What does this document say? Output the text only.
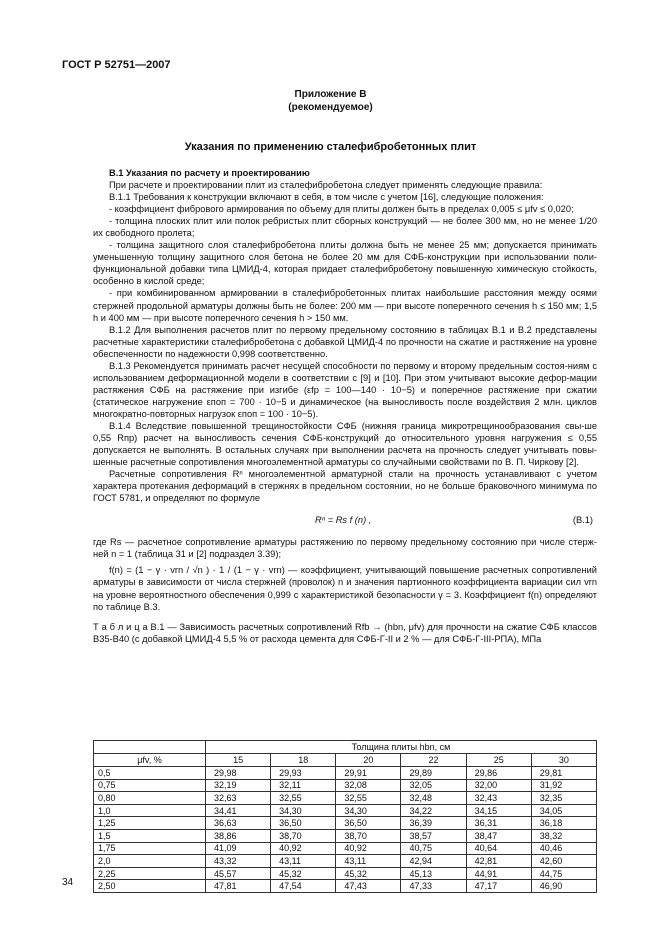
ГОСТ Р 52751—2007
Приложение В
(рекомендуемое)
Указания по применению сталефибробетонных плит

В.1 Указания по расчету и проектированию

При расчете и проектировании плит из сталефибробетона следует применять следующие правила:

В.1.1 Требования к конструкции включают в себя, в том числе с учетом [16], следующие положения:

- коэффициент фибрового армирования по объему для плиты должен быть в пределах 0,005 ≤ μfv ≤ 0,020;

- толщина плоских плит или полок ребристых плит сборных конструкций — не более 300 мм, но не менее 1/20 их свободного пролета;

- толщина защитного слоя сталефибробетона плиты должна быть не менее 25 мм; допускается принимать уменьшенную толщину защитного слоя бетона не более 20 мм для СФБ-конструкции при использовании поли-функциональной добавки типа ЦМИД-4, которая придает сталефибробетону повышенную химическую стойкость, особенно в кислой среде;

- при комбинированном армировании в сталефибробетонных плитах наибольшие расстояния между осями стержней продольной арматуры должны быть не более: 200 мм — при высоте поперечного сечения h ≤ 150 мм; 1,5 h и 400 мм — при высоте поперечного сечения h > 150 мм.

В.1.2 Для выполнения расчетов плит по первому предельному состоянию в таблицах В.1 и В.2 представлены расчетные характеристики сталефибробетона с добавкой ЦМИД-4 по прочности на сжатие и растяжение на уровне обеспеченности по надежности 0,998 соответственно.

В.1.3 Рекомендуется принимать расчет несущей способности по первому и второму предельным состоя-ниям с использованием деформационной модели в соответствии с [9] и [10]. При этом учитывают высокие дефор-мации растяжения СФБ на растяжение при изгибе (εfp = 100—140 · 10−5) и поперечное растяжение при сжатии (статическое нагружение εпоп = 700 · 10−5 и динамическое (на выносливость после воздействия 2 млн. циклов многократно-повторных нагрузок εпоп = 100 · 10−5).

В.1.4 Вследствие повышенной трещиностойкости СФБ (нижняя граница микротрещинообразования свы-ше 0,55 Rпр) расчет на выносливость сечения СФБ-конструкций до относительного уровня нагружения ≤ 0,55 допускается не выполнять. В остальных случаях при выполнении расчета на прочность следует учитывать повы-шенные расчетные сопротивления многоэлементной арматуры со случайными свойствами по В. П. Чиркову [2].

Расчетные сопротивления Rⁿ многоэлементной арматурной стали на прочность устанавливают с учетом характера протекания деформаций в стержнях в предельном состоянии, но не больше браковочного минимума по ГОСТ 5781, и определяют по формуле

Rⁿ = Rs f (n) ,	(В.1)

где Rs — расчетное сопротивление арматуры растяжению по первому предельному состоянию при числе стерж-ней n = 1 (таблица 31 и [2] подраздел 3.39);

f(n) = (1 − γ · vrn / √n ) · 1 / (1 − γ · vrn) — коэффициент, учитывающий повышение расчетных сопротивлений арматуры в зависимости от числа стержней (проволок) n и значения партионного коэффициента вариации сил vrn на уровне вероятностного обеспечения 0,999 с характеристикой безопасности γ = 3. Коэффициент f(n) определяют по таблице В.3.

Т а б л и ц а В.1 — Зависимость расчетных сопротивлений Rfb → (hbn, μfv) для прочности на сжатие СФБ классов В35-В40 (с добавкой ЦМИД-4 5,5 % от расхода цемента для СФБ-Г-II и 2 % — для СФБ-Г-III-РПА), МПа

	Толщина плиты hbn, см					
μfv, %	15	18	20	22	25	30
0,5	29,98	29,93	29,91	29,89	29,86	29,81
0,75	32,19	32,11	32,08	32,05	32,00	31,92
0,80	32,63	32,55	32,55	32,48	32,43	32,35
1,0	34,41	34,30	34,30	34,22	34,15	34,05
1,25	36,63	36,50	36,50	36,39	36,31	36,18
1,5	38,86	38,70	38,70	38,57	38,47	38,32
1,75	41,09	40,92	40,92	40,75	40,64	40,46
2,0	43,32	43,11	43,11	42,94	42,81	42,60
2,25	45,57	45,32	45,32	45,13	44,91	44,75
2,50	47,81	47,54	47,43	47,33	47,17	46,90
34
